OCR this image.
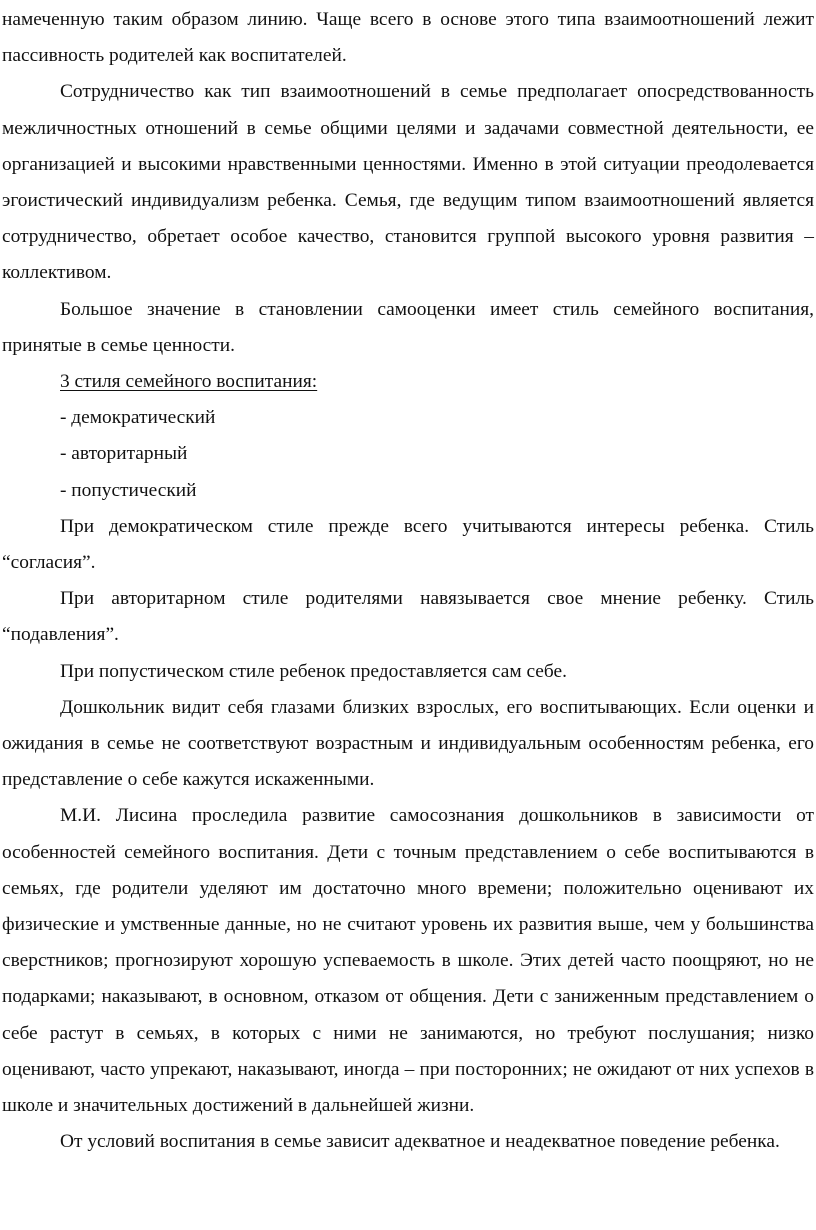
намеченную таким образом линию. Чаще всего в основе этого типа взаимоотношений лежит пассивность родителей как воспитателей.

Сотрудничество как тип взаимоотношений в семье предполагает опосредствованность межличностных отношений в семье общими целями и задачами совместной деятельности, ее организацией и высокими нравственными ценностями. Именно в этой ситуации преодолевается эгоистический индивидуализм ребенка. Семья, где ведущим типом взаимоотношений является сотрудничество, обретает особое качество, становится группой высокого уровня развития – коллективом.

Большое значение в становлении самооценки имеет стиль семейного воспитания, принятые в семье ценности.

3 стиля семейного воспитания:

- демократический

- авторитарный

- попустический

При демократическом стиле прежде всего учитываются интересы ребенка. Стиль “согласия”.

При авторитарном стиле родителями навязывается свое мнение ребенку. Стиль “подавления”.

При попустическом стиле ребенок предоставляется сам себе.

Дошкольник видит себя глазами близких взрослых, его воспитывающих. Если оценки и ожидания в семье не соответствуют возрастным и индивидуальным особенностям ребенка, его представление о себе кажутся искаженными.

М.И. Лисина проследила развитие самосознания дошкольников в зависимости от особенностей семейного воспитания. Дети с точным представлением о себе воспитываются в семьях, где родители уделяют им достаточно много времени; положительно оценивают их физические и умственные данные, но не считают уровень их развития выше, чем у большинства сверстников; прогнозируют хорошую успеваемость в школе. Этих детей часто поощряют, но не подарками; наказывают, в основном, отказом от общения. Дети с заниженным представлением о себе растут в семьях, в которых с ними не занимаются, но требуют послушания; низко оценивают, часто упрекают, наказывают, иногда – при посторонних; не ожидают от них успехов в школе и значительных достижений в дальнейшей жизни.

От условий воспитания в семье зависит адекватное и неадекватное поведение ребенка.
